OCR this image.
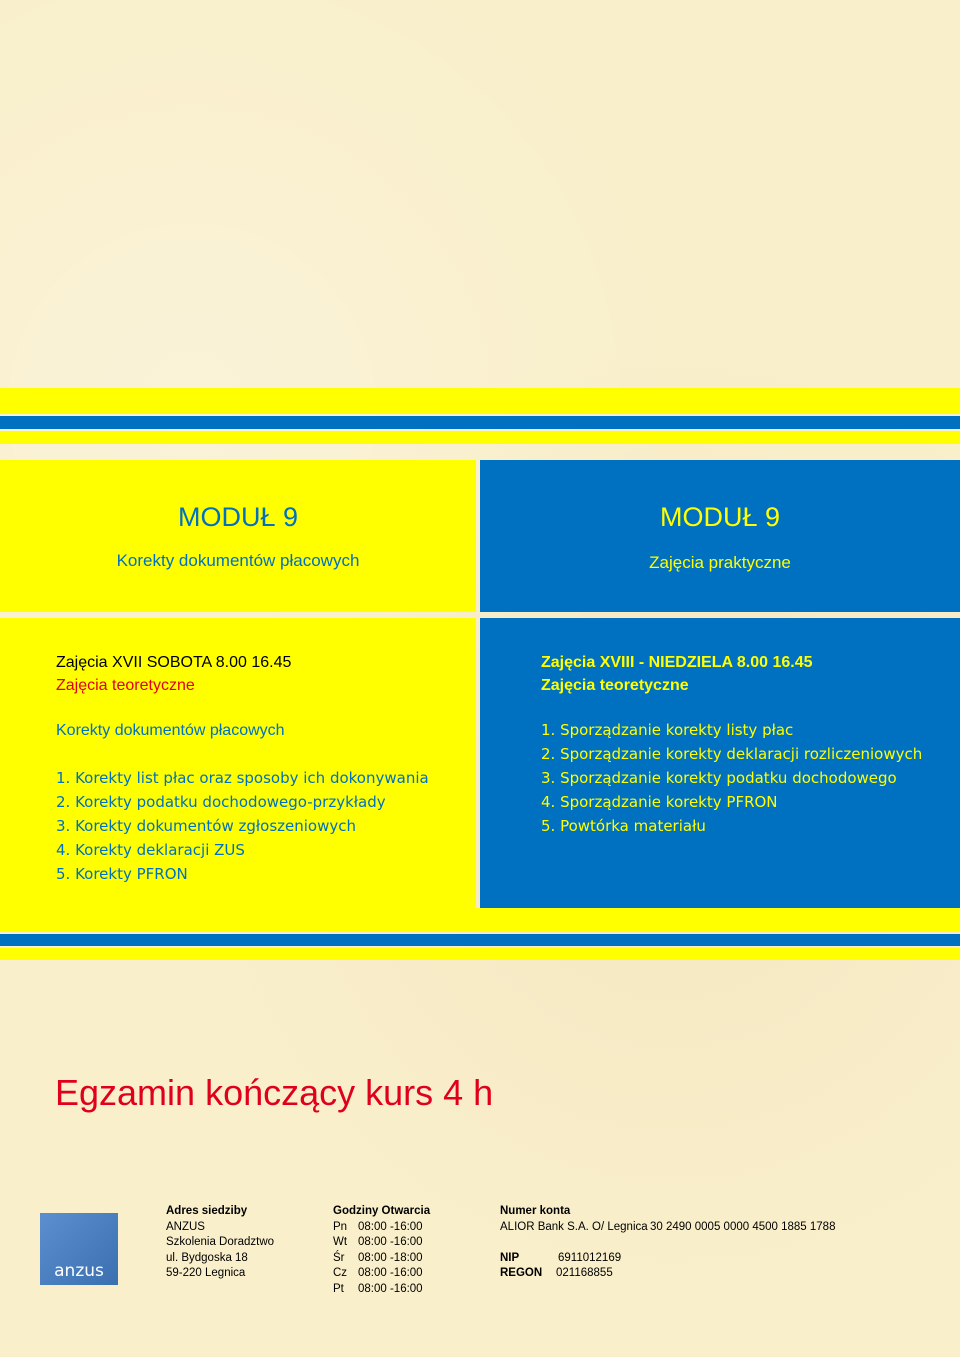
MODUŁ 9
Korekty dokumentów płacowych
MODUŁ 9
Zajęcia praktyczne
Zajęcia XVII SOBOTA 8.00 16.45
Zajęcia teoretyczne
Korekty dokumentów płacowych
1. Korekty list płac oraz sposoby ich dokonywania
2. Korekty podatku dochodowego-przykłady
3. Korekty dokumentów zgłoszeniowych
4. Korekty deklaracji ZUS
5. Korekty PFRON
Zajęcia XVIII - NIEDZIELA 8.00 16.45
Zajęcia teoretyczne
1. Sporządzanie korekty listy płac
2. Sporządzanie korekty deklaracji rozliczeniowych
3. Sporządzanie korekty podatku dochodowego
4. Sporządzanie korekty PFRON
5. Powtórka materiału
Egzamin kończący kurs 4 h
anzus
Adres siedziby
ANZUS
Szkolenia Doradztwo
ul. Bydgoska 18
59-220 Legnica
Godziny Otwarcia
Pn 08:00 -16:00
Wt 08:00 -16:00
Śr 08:00 -18:00
Cz 08:00 -16:00
Pt 08:00 -16:00
Numer konta
ALIOR Bank S.A. O/ Legnica 30 2490 0005 0000 4500 1885 1788
NIP	6911012169
REGON 021168855
